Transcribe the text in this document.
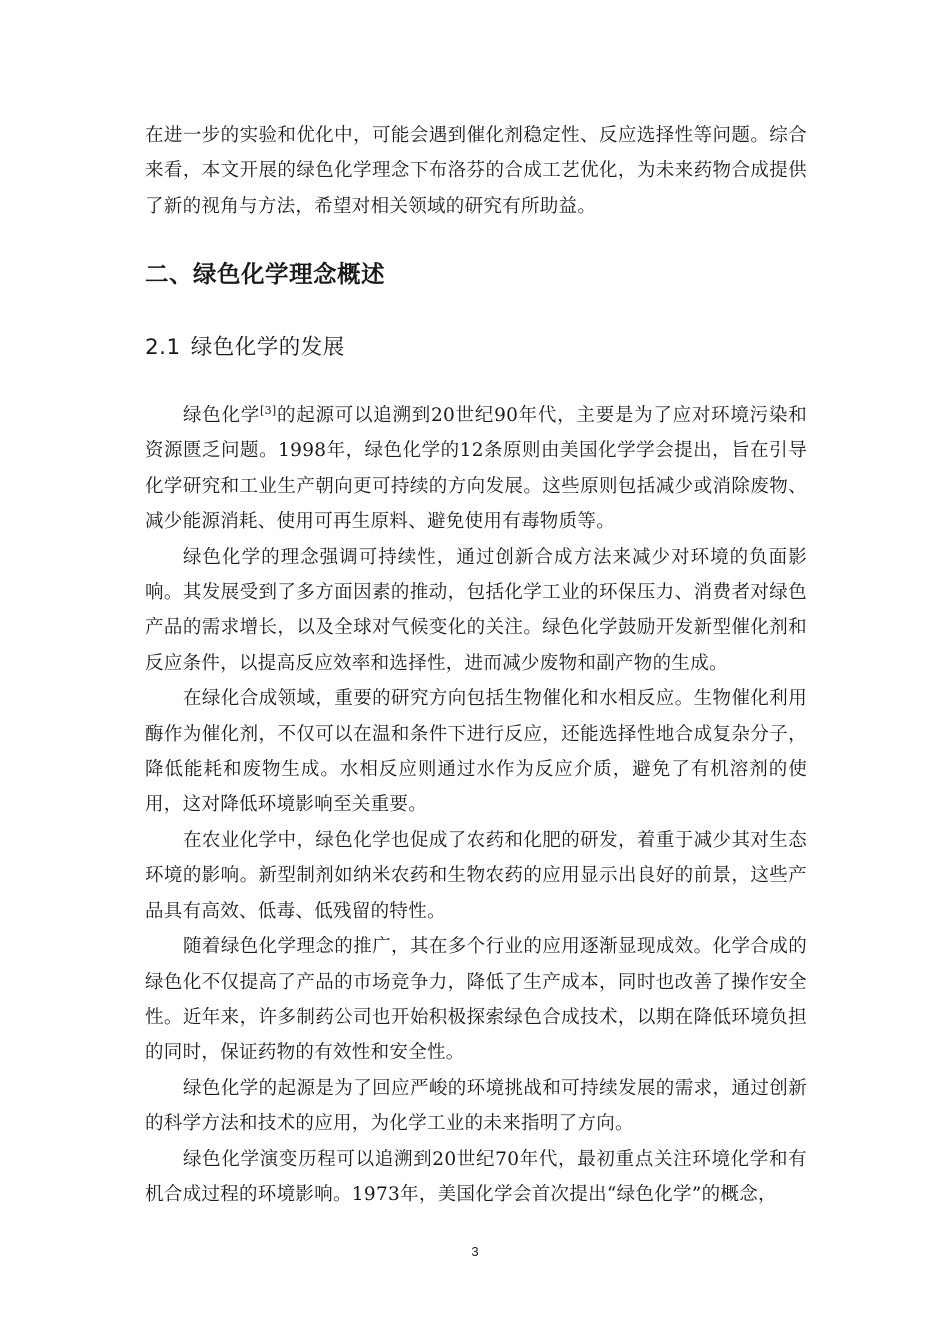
在进一步的实验和优化中，可能会遇到催化剂稳定性、反应选择性等问题。综合来看，本文开展的绿色化学理念下布洛芬的合成工艺优化，为未来药物合成提供了新的视角与方法，希望对相关领域的研究有所助益。

二、绿色化学理念概述
2.1 绿色化学的发展

绿色化学[3]的起源可以追溯到20世纪90年代，主要是为了应对环境污染和资源匮乏问题。1998年，绿色化学的12条原则由美国化学学会提出，旨在引导化学研究和工业生产朝向更可持续的方向发展。这些原则包括减少或消除废物、减少能源消耗、使用可再生原料、避免使用有毒物质等。

绿色化学的理念强调可持续性，通过创新合成方法来减少对环境的负面影响。其发展受到了多方面因素的推动，包括化学工业的环保压力、消费者对绿色产品的需求增长，以及全球对气候变化的关注。绿色化学鼓励开发新型催化剂和反应条件，以提高反应效率和选择性，进而减少废物和副产物的生成。

在绿化合成领域，重要的研究方向包括生物催化和水相反应。生物催化利用酶作为催化剂，不仅可以在温和条件下进行反应，还能选择性地合成复杂分子，降低能耗和废物生成。水相反应则通过水作为反应介质，避免了有机溶剂的使用，这对降低环境影响至关重要。

在农业化学中，绿色化学也促成了农药和化肥的研发，着重于减少其对生态环境的影响。新型制剂如纳米农药和生物农药的应用显示出良好的前景，这些产品具有高效、低毒、低残留的特性。

随着绿色化学理念的推广，其在多个行业的应用逐渐显现成效。化学合成的绿色化不仅提高了产品的市场竞争力，降低了生产成本，同时也改善了操作安全性。近年来，许多制药公司也开始积极探索绿色合成技术，以期在降低环境负担的同时，保证药物的有效性和安全性。

绿色化学的起源是为了回应严峻的环境挑战和可持续发展的需求，通过创新的科学方法和技术的应用，为化学工业的未来指明了方向。

绿色化学演变历程可以追溯到20世纪70年代，最初重点关注环境化学和有机合成过程的环境影响。1973年，美国化学会首次提出“绿色化学”的概念，

3
